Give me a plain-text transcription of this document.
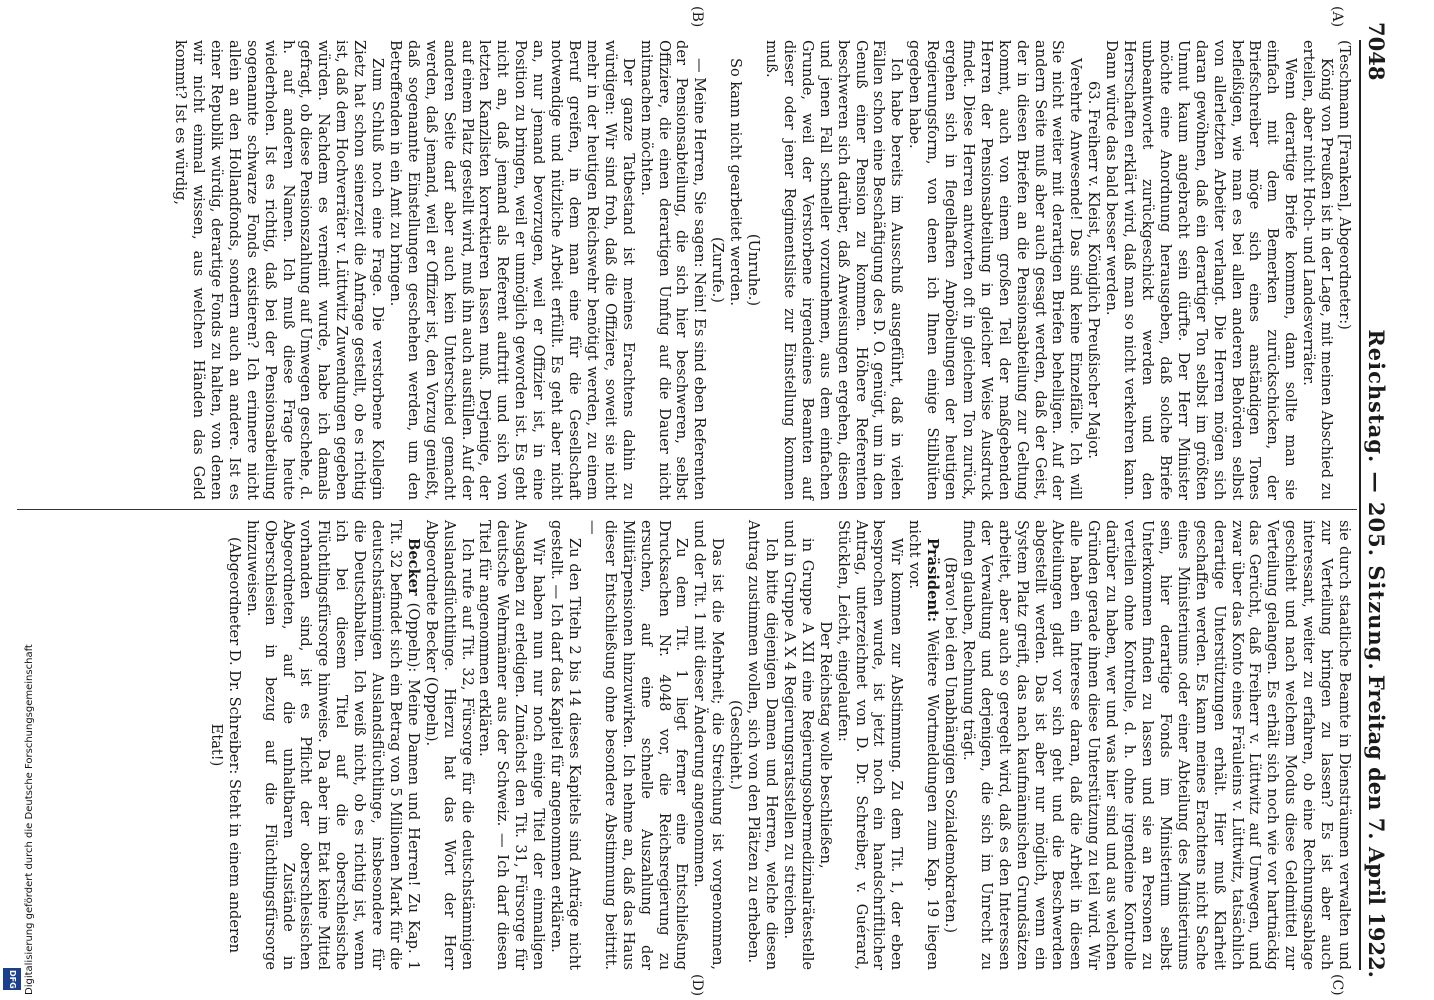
7048
Reichstag. — 205. Sitzung.
Freitag den 7. April 1922.
(A)
(B)
(C)
(D)

(Teschmann [Franken], Abgeordneter:)

König von Preußen ist in der Lage, mit meinen Abschied zu erteilen, aber nicht Hoch- und Landesverräter.

Wenn derartige Briefe kommen, dann sollte man sie einfach mit dem Bemerken zurückschicken, der Briefschreiber möge sich eines anständigen Tones befleißigen, wie man es bei allen anderen Behörden selbst von allerletzten Arbeiter verlangt. Die Herren mögen sich daran gewöhnen, daß ein derartiger Ton selbst im größten Unmut kaum angebracht sein dürfte. Der Herr Minister möchte eine Anordnung herausgeben, daß solche Briefe unbeantwortet zurückgeschickt werden und den Herrschaften erklärt wird, daß man so nicht verkehren kann. Dann würde das bald besser werden.

63. Freiherr v. Kleist, Königlich Preußischer Major.

Verehrte Anwesende! Das sind keine Einzelfälle. Ich will Sie nicht weiter mit derartigen Briefen behelligen. Auf der andern Seite muß aber auch gesagt werden, daß der Geist, der in diesen Briefen an die Pensionsabteilung zur Geltung kommt, auch von einem großen Teil der maßgebenden Herren der Pensionsabteilung in gleicher Weise Ausdruck findet. Diese Herren antworten oft in gleichem Ton zurück, ergehen sich in flegelhaften Anpöbelungen der heutigen Regierungsform, von denen ich Ihnen einige Stilblüten gegeben habe.

Ich habe bereits im Ausschuß ausgeführt, daß in vielen Fällen schon eine Beschäftigung des D. O. genügt, um in den Genuß einer Pension zu kommen. Höhere Referenten beschweren sich darüber, daß Anweisungen ergehen, diesen und jenen Fall schneller vorzunehmen, aus dem einfachen Grunde, weil der Verstorbene irgendeines Beamten auf dieser oder jener Regimentsliste zur Einstellung kommen muß.

(Unruhe.)

So kann nicht gearbeitet werden.

(Zurufe.)

— Meine Herren, Sie sagen: Nein! Es sind eben Referenten der Pensionsabteilung, die sich hier beschweren, selbst Offiziere, die einen derartigen Umfug auf die Dauer nicht mitmachen möchten.

Der ganze Tatbestand ist meines Erachtens dahin zu würdigen: Wir sind froh, daß die Offiziere, soweit sie nicht mehr in der heutigen Reichswehr benötigt werden, zu einem Beruf greifen, in dem man eine für die Gesellschaft notwendige und nützliche Arbeit erfüllt. Es geht aber nicht an, nur jemand bevorzugen, weil er Offizier ist, in eine Position zu bringen, weil er unmöglich geworden ist. Es geht nicht an, daß jemand als Referent auftritt und sich von letzten Kanzlisten korrektieren lassen muß. Derjenige, der auf einem Platz gestellt wird, muß ihn auch ausfüllen. Auf der anderen Seite darf aber auch kein Unterschied gemacht werden, daß jemand, weil er Offizier ist, den Vorzug genießt, daß sogenannte Einstellungen geschehen werden, um den Betreffenden in ein Amt zu bringen.

Zum Schluß noch eine Frage. Die verstorbene Kollegin Zietz hat schon seinerzeit die Anfrage gestellt, ob es richtig ist, daß dem Hochverräter v. Lüttwitz Zuwendungen gegeben würden. Nachdem es verneint wurde, habe ich damals gefragt, ob diese Pensionszahlung auf Umwegen geschehe, d. h. auf anderen Namen. Ich muß diese Frage heute wiederholen. Ist es richtig, daß bei der Pensionsabteilung sogenannte schwarze Fonds existieren? Ich erinnere nicht allein an den Hollandfonds, sondern auch an andere. Ist es einer Republik würdig, derartige Fonds zu halten, von denen wir nicht einmal wissen, aus welchen Händen das Geld kommt? Ist es würdig,

sie durch staatliche Beamte in Diensträumen verwalten und zur Verteilung bringen zu lassen? Es ist aber auch interessant, weiter zu erfahren, ob eine Rechnungsablage geschieht und nach welchem Modus diese Geldmittel zur Verteilung gelangen. Es erhält sich noch wie vor hartnäckig das Gerücht, daß Freiherr v. Lüttwitz auf Umwegen, und zwar über das Konto eines Fräuleins v. Lüttwitz, tatsächlich derartige Unterstützungen erhält. Hier muß Klarheit geschaffen werden. Es kann meines Erachtens nicht Sache eines Ministeriums oder einer Abteilung des Ministeriums sein, hier derartige Fonds im Ministerium selbst Unterkommen finden zu lassen und sie an Personen zu verteilen ohne Kontrolle, d. h. ohne irgendeine Kontrolle darüber zu haben, wer und was hier sind und aus welchen Gründen gerade ihnen diese Unterstützung zu teil wird. Wir alle haben ein Interesse daran, daß die Arbeit in diesen Abteilungen glatt vor sich geht und die Beschwerden abgestellt werden. Das ist aber nur möglich, wenn ein System Platz greift, das nach kaufmännischen Grundsätzen arbeitet, aber auch so geregelt wird, daß es den Interessen der Verwaltung und derjenigen, die sich im Unrecht zu finden glauben, Rechnung trägt.

(Bravo! bei den Unabhängigen Sozialdemokraten.)

Präsident: Weitere Wortmeldungen zum Kap. 19 liegen nicht vor.

Wir kommen zur Abstimmung. Zu dem Tit. 1, der eben besprochen wurde, ist jetzt noch ein handschriftlicher Antrag, unterzeichnet von D. Dr. Schreiber, v. Guérard, Stücklen, Leicht, eingelaufen:

Der Reichstag wolle beschließen,

in Gruppe A XII eine Regierungsobermedizinalrätestelle und in Gruppe A X 4 Regierungsratsstellen zu streichen.

Ich bitte diejenigen Damen und Herren, welche diesen Antrag zustimmen wollen, sich von den Plätzen zu erheben.

(Geschieht.)

Das ist die Mehrheit; die Streichung ist vorgenommen, und der Tit. 1 mit dieser Änderung angenommen.

Zu dem Tit. 1 liegt ferner eine Entschließung Drucksachen Nr. 4048 vor, die Reichsregierung zu ersuchen, auf eine schnelle Auszahlung der Militärpensionen hinzuwirken. Ich nehme an, daß das Haus dieser Entschließung ohne besondere Abstimmung beitritt. —

Zu den Titeln 2 bis 14 dieses Kapitels sind Anträge nicht gestellt. — Ich darf das Kapitel für angenommen erklären.

Wir haben nun nur noch einige Titel der einmaligen Ausgaben zu erledigen. Zunächst den Tit. 31, Fürsorge für deutsche Wehrmänner aus der Schweiz. — Ich darf diesen Titel für angenommen erklären.

Ich rufe auf Tit. 32, Fürsorge für die deutschstämmigen Auslandsflüchtlinge. Hierzu hat das Wort der Herr Abgeordnete Becker (Oppeln).

Becker (Oppeln): Meine Damen und Herren! Zu Kap. 1 Tit. 32 befindet sich ein Betrag von 5 Millionen Mark für die deutschstämmigen Auslandsflüchtlinge, insbesondere für die Deutschbalten. Ich weiß nicht, ob es richtig ist, wenn ich bei diesem Titel auf die oberschlesische Flüchtlingsfürsorge hinweise. Da aber im Etat keine Mittel vorhanden sind, ist es Pflicht der oberschlesischen Abgeordneten, auf die unhaltbaren Zustände in Oberschlesien in bezug auf die Flüchtlingsfürsorge hinzuweisen.

(Abgeordneter D. Dr. Schreiber: Steht in einem anderen Etat!)

Digitalisierung gefördert durch die Deutsche Forschungsgemeinschaft
DFG
